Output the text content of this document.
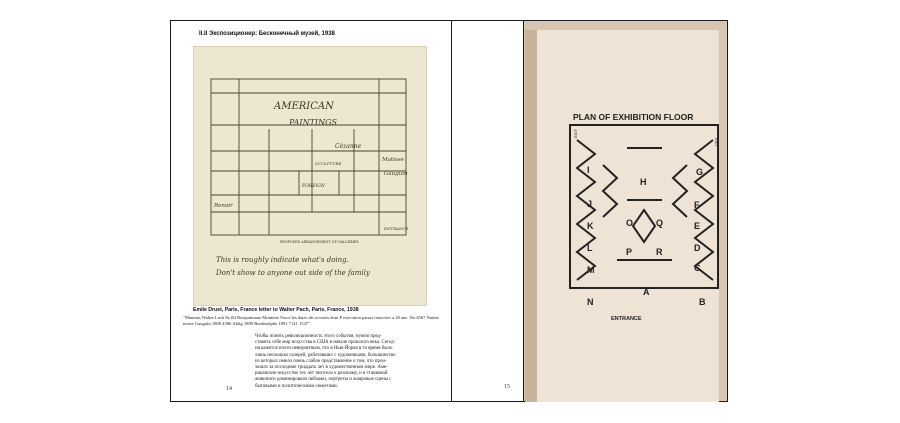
II.II Экспозиционер: Бесконечный музей, 1938
AMERICAN
PAINTINGS
Cézanne
Gauguin
Matisse
Renoir
SCULPTURE
FOREIGN
PROPOSED ARRANGEMENT OF GALLERIES
ENTRANCE
This is roughly indicate what's doing.
Don't show to anyone out side of the family
Emile Druet, Paris, France letter to Walter Pach, Paris, France, 1938
"Mamaus Walter Lack 8x lbl Rostpaimaue Montieat Vorce les dates dis ocuvies dont P execution paract removier a 20 ans. No 4567 Nature morte Gauguin 1888 4586 Aklig 1889 Bordmolphe 1891 7121 1547".
Чтобы понять революционность этого события, нужно пред-
ставить себе мир искусства в США в начале прошлого века. Сегод-
ня кажется почти невероятным, что в Нью-Йорке в то время было
лишь несколько галерей, работавших с художниками, большинство
из которых имело очень слабое представление о том, что прои-
зошло за последние тридцать лет в художественном мире. Аме-
риканское искусство тех лет тяготело к реализму, и в станковой
живописи доминировали пейзажи, портреты и жанровые сцены с
бытовыми и политическими сюжетами.
14	15
PLAN OF EXHIBITION FLOOR
A
B
C
D
E
F
G
H
I
J
K
L
M
N
O
P
Q
R
ENTRANCE
EXIT
EXIT
